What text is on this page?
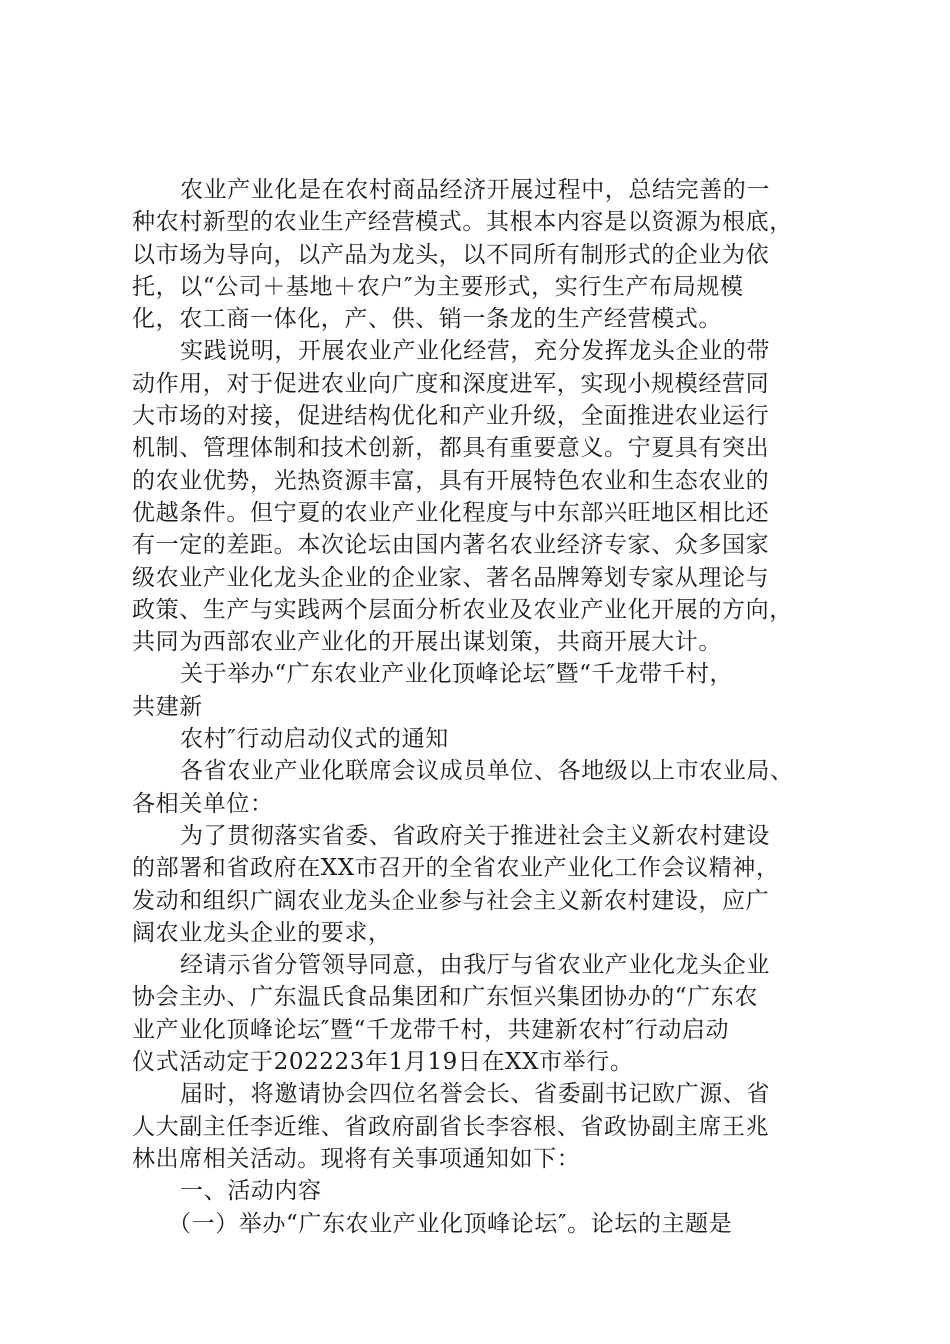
农业产业化是在农村商品经济开展过程中，总结完善的一
种农村新型的农业生产经营模式。其根本内容是以资源为根底，
以市场为导向，以产品为龙头，以不同所有制形式的企业为依
托，以“公司＋基地＋农户″为主要形式，实行生产布局规模
化，农工商一体化，产、供、销一条龙的生产经营模式。

实践说明，开展农业产业化经营，充分发挥龙头企业的带
动作用，对于促进农业向广度和深度进军，实现小规模经营同
大市场的对接，促进结构优化和产业升级，全面推进农业运行
机制、管理体制和技术创新，都具有重要意义。宁夏具有突出
的农业优势，光热资源丰富，具有开展特色农业和生态农业的
优越条件。但宁夏的农业产业化程度与中东部兴旺地区相比还
有一定的差距。本次论坛由国内著名农业经济专家、众多国家
级农业产业化龙头企业的企业家、著名品牌筹划专家从理论与
政策、生产与实践两个层面分析农业及农业产业化开展的方向，
共同为西部农业产业化的开展出谋划策，共商开展大计。

关于举办“广东农业产业化顶峰论坛″暨“千龙带千村，
共建新

农村″行动启动仪式的通知

各省农业产业化联席会议成员单位、各地级以上市农业局、
各相关单位：

为了贯彻落实省委、省政府关于推进社会主义新农村建设
的部署和省政府在XX市召开的全省农业产业化工作会议精神，
发动和组织广阔农业龙头企业参与社会主义新农村建设，应广
阔农业龙头企业的要求，

经请示省分管领导同意，由我厅与省农业产业化龙头企业
协会主办、广东温氏食品集团和广东恒兴集团协办的“广东农
业产业化顶峰论坛″暨“千龙带千村，共建新农村″行动启动
仪式活动定于202223年1月19日在XX市举行。

届时，将邀请协会四位名誉会长、省委副书记欧广源、省
人大副主任李近维、省政府副省长李容根、省政协副主席王兆
林出席相关活动。现将有关事项通知如下：

一、活动内容

（一）举办“广东农业产业化顶峰论坛″。论坛的主题是
